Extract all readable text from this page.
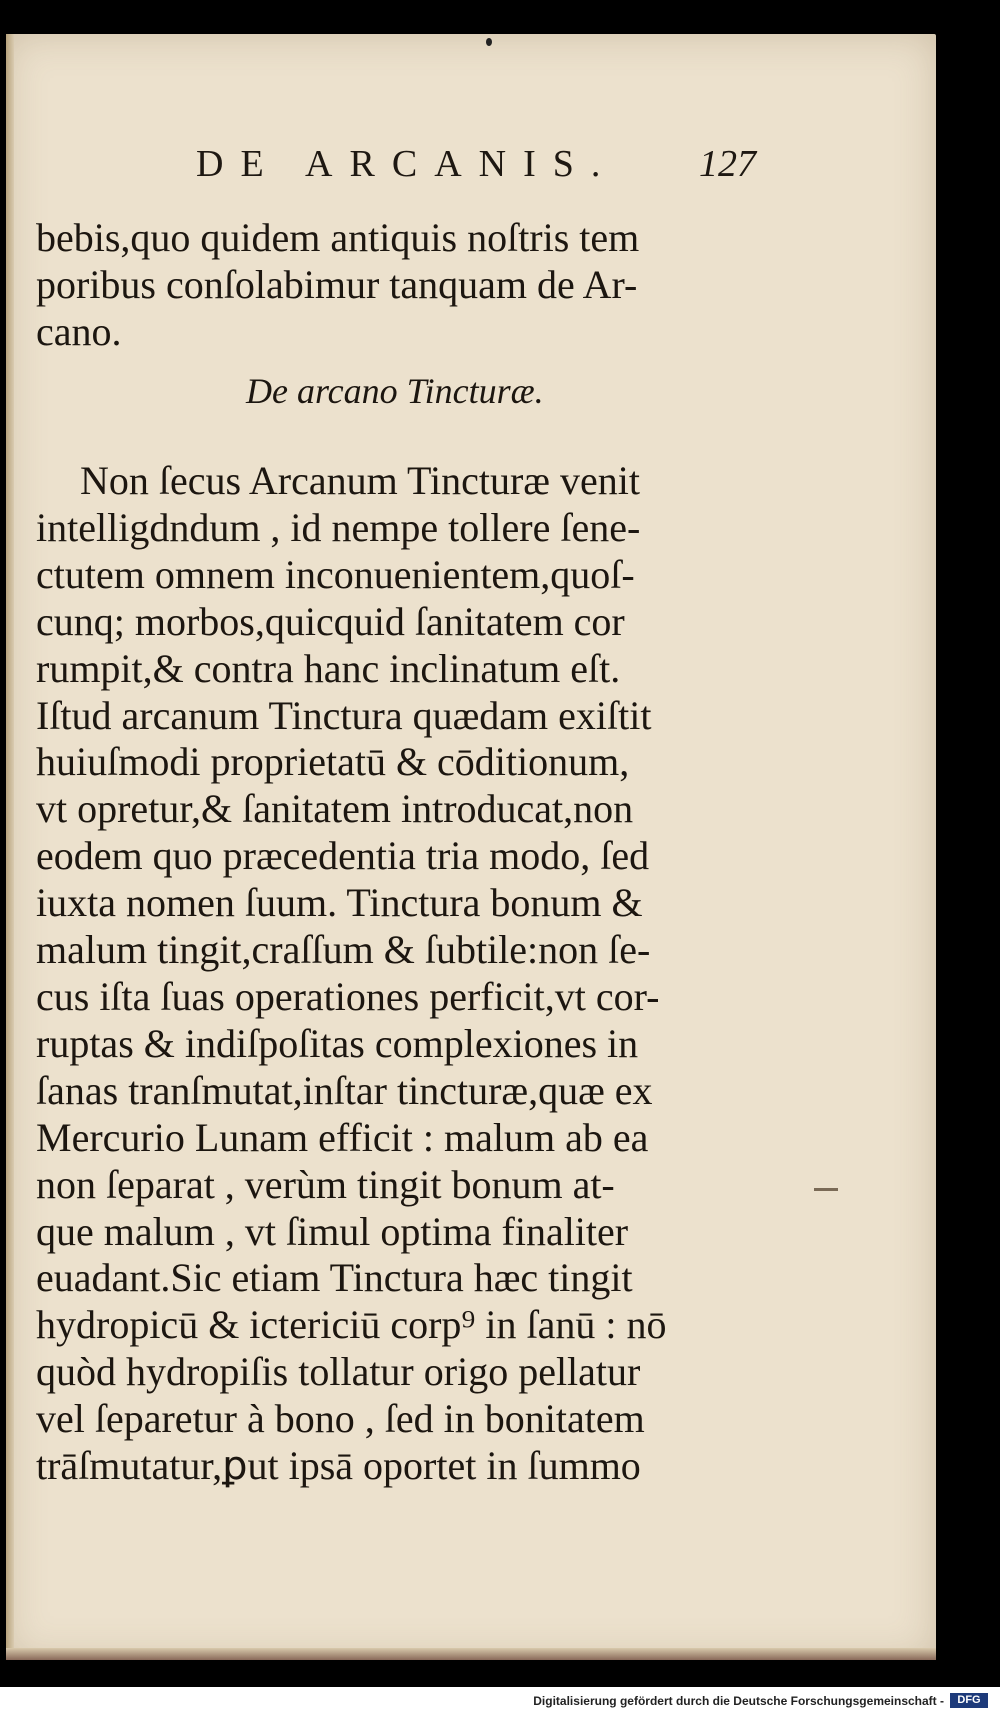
DE ARCANIS. 127
bebis,quo quidem antiquis noſtris tem
poribus conſolabimur tanquam de Ar-
cano.
De arcano Tincturæ.
Non ſecus Arcanum Tincturæ venit
intelligdndum , id nempe tollere ſene-
ctutem omnem inconuenientem,quoſ-
cunq; morbos,quicquid ſanitatem cor
rumpit,& contra hanc inclinatum eſt.
Iſtud arcanum Tinctura quædam exiſtit
huiuſmodi proprietatū & cōditionum,
vt opretur,& ſanitatem introducat,non
eodem quo præcedentia tria modo, ſed
iuxta nomen ſuum. Tinctura bonum &
malum tingit,craſſum & ſubtile:non ſe-
cus iſta ſuas operationes perficit,vt cor-
ruptas & indiſpoſitas complexiones in
ſanas tranſmutat,inſtar tincturæ,quæ ex
Mercurio Lunam efficit : malum ab ea
non ſeparat , verùm tingit bonum at-
que malum , vt ſimul optima finaliter
euadant.Sic etiam Tinctura hæc tingit
hydropicū & ictericiū corp⁹ in ſanū : nō
quòd hydropiſis tollatur origo pellatur
vel ſeparetur à bono , ſed in bonitatem
trāſmutatur,ꝑut ipsā oportet in ſummo
Digitalisierung gefördert durch die Deutsche Forschungsgemeinschaft -	DFG
